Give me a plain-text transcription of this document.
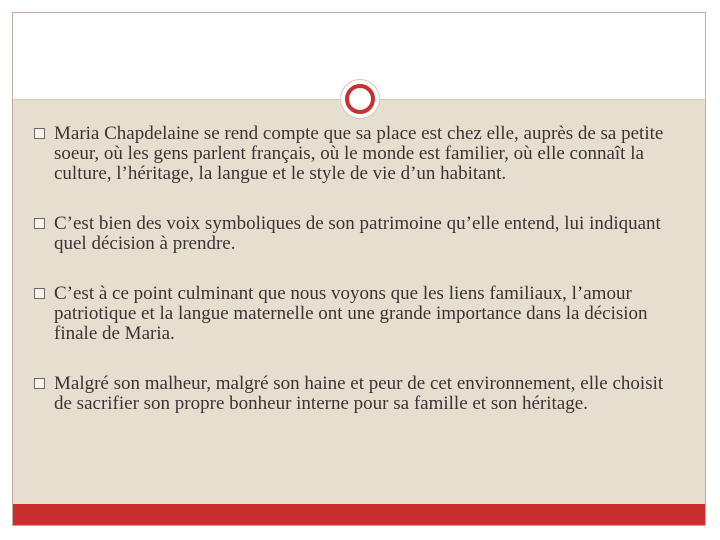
Maria Chapdelaine se rend compte que sa place est chez elle, auprès de sa petite soeur, où les gens parlent français, où le monde est familier, où elle connaît la culture, l’héritage, la langue et le style de vie d’un habitant.
C’est bien des voix symboliques de son patrimoine qu’elle entend, lui indiquant quel décision à prendre.
C’est à ce point culminant que nous voyons que les liens familiaux, l’amour patriotique et la langue maternelle ont une grande importance dans la décision finale de Maria.
Malgré son malheur, malgré son haine et peur de cet environnement, elle choisit de sacrifier son propre bonheur interne pour sa famille et son héritage.
